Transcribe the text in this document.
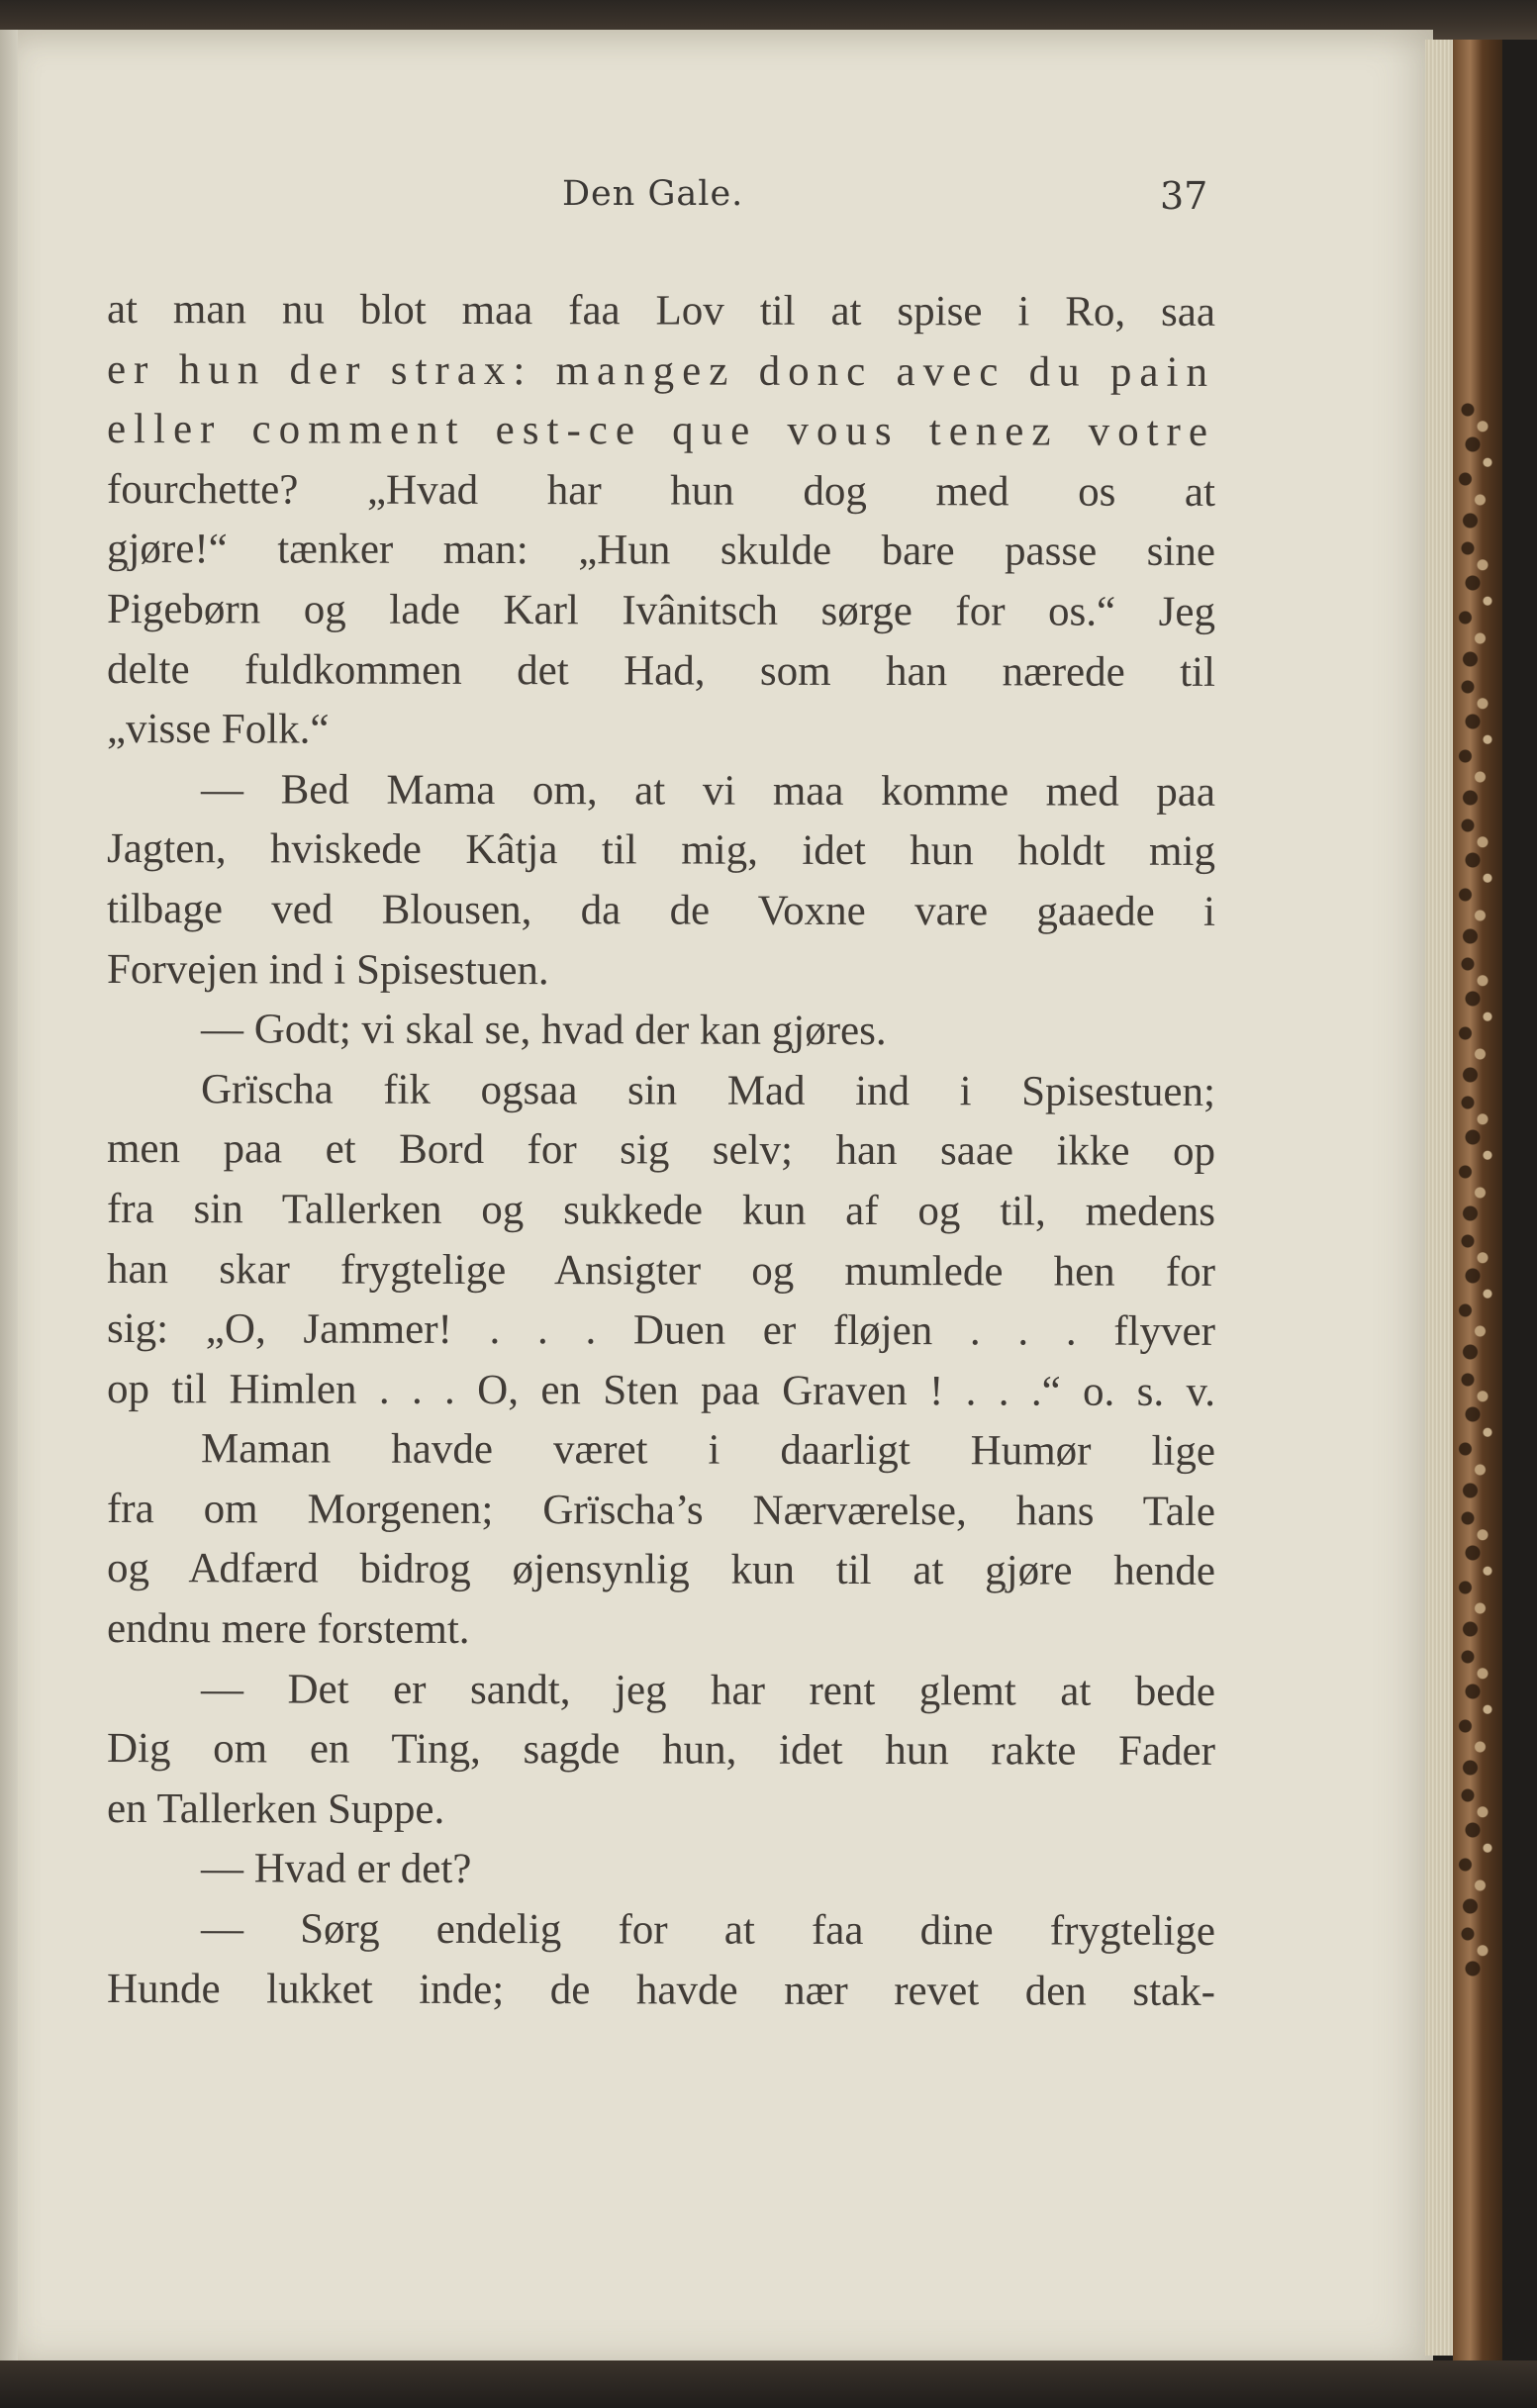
Den Gale.	37
at man nu blot maa faa Lov til at spise i Ro, saa
er hun der strax: mangez donc avec du pain
eller comment est-ce que vous tenez votre
fourchette? „Hvad har hun dog med os at
gjøre!“ tænker man: „Hun skulde bare passe sine
Pigebørn og lade Karl Ivânitsch sørge for os.“ Jeg
delte fuldkommen det Had, som han nærede til
„visse Folk.“
— Bed Mama om, at vi maa komme med paa
Jagten, hviskede Kâtja til mig, idet hun holdt mig
tilbage ved Blousen, da de Voxne vare gaaede i
Forvejen ind i Spisestuen.
— Godt; vi skal se, hvad der kan gjøres.
Grïscha fik ogsaa sin Mad ind i Spisestuen;
men paa et Bord for sig selv; han saae ikke op
fra sin Tallerken og sukkede kun af og til, medens
han skar frygtelige Ansigter og mumlede hen for
sig: „O, Jammer! . . . Duen er fløjen . . . flyver
op til Himlen . . . O, en Sten paa Graven ! . . .“ o. s. v.
Maman havde været i daarligt Humør lige
fra om Morgenen; Grïscha’s Nærværelse, hans Tale
og Adfærd bidrog øjensynlig kun til at gjøre hende
endnu mere forstemt.
— Det er sandt, jeg har rent glemt at bede
Dig om en Ting, sagde hun, idet hun rakte Fader
en Tallerken Suppe.
— Hvad er det?
— Sørg endelig for at faa dine frygtelige
Hunde lukket inde; de havde nær revet den stak-
